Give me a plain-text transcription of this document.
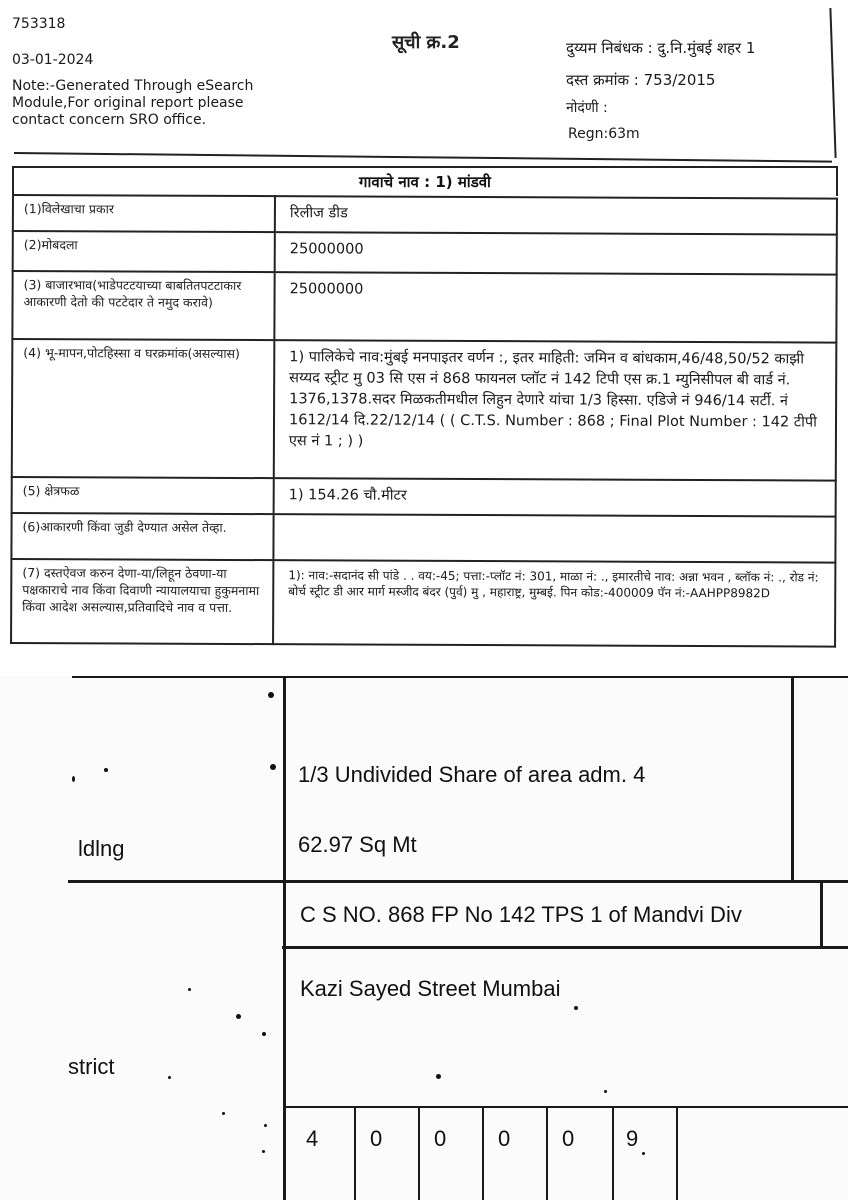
753318
03-01-2024
Note:-Generated Through eSearch Module,For original report please contact concern SRO office.
सूची क्र.2	दुय्यम निबंधक : दु.नि.मुंबई शहर 1
दस्त क्रमांक : 753/2015
नोदंणी :
Regn:63m
गावाचे नाव : 1) मांडवी
(1)विलेखाचा प्रकार	रिलीज डीड
(2)मोबदला	25000000
(3) बाजारभाव(भाडेपटटयाच्या बाबतितपटटाकार आकारणी देतो की पटटेदार ते नमुद करावे)	25000000
(4) भू-मापन,पोटहिस्सा व घरक्रमांक(असल्यास)	1) पालिकेचे नाव:मुंबई मनपाइतर वर्णन :, इतर माहिती: जमिन व बांधकाम,46/48,50/52 काझी सय्यद स्ट्रीट मु 03 सि एस नं 868 फायनल प्लॉट नं 142 टिपी एस क्र.1 म्युनिसीपल बी वार्ड नं. 1376,1378.सदर मिळकतीमधील लिहुन देणारे यांचा 1/3 हिस्सा. एडिजे नं 946/14 सर्टी. नं 1612/14 दि.22/12/14 ( ( C.T.S. Number : 868 ; Final Plot Number : 142 टीपी एस नं 1 ; ) )
(5) क्षेत्रफळ	1) 154.26 चौ.मीटर
(6)आकारणी किंवा जुडी देण्यात असेल तेव्हा.	
(7) दस्तऐवज करुन देणा-या/लिहून ठेवणा-या पक्षकाराचे नाव किंवा दिवाणी न्यायालयाचा हुकुमनामा किंवा आदेश असल्यास,प्रतिवादिचे नाव व पत्ता.	1): नाव:-सदानंद सी पांडे . . वय:-45; पत्ता:-प्लॉट नं: 301, माळा नं: ., इमारतीचे नाव: अन्ना भवन , ब्लॉक नं: ., रोड नं: बोर्च स्ट्रीट डी आर मार्ग मस्जीद बंदर (पुर्व) मु , महाराष्ट्र, मुम्बई. पिन कोड:-400009 पॅन नं:-AAHPP8982D
1/3 Undivided Share of area adm. 4
62.97 Sq Mt
C S NO. 868 FP No 142 TPS 1 of Mandvi Div
Kazi Sayed Street Mumbai
ldlng
strict
4 0 0 0 0 9
